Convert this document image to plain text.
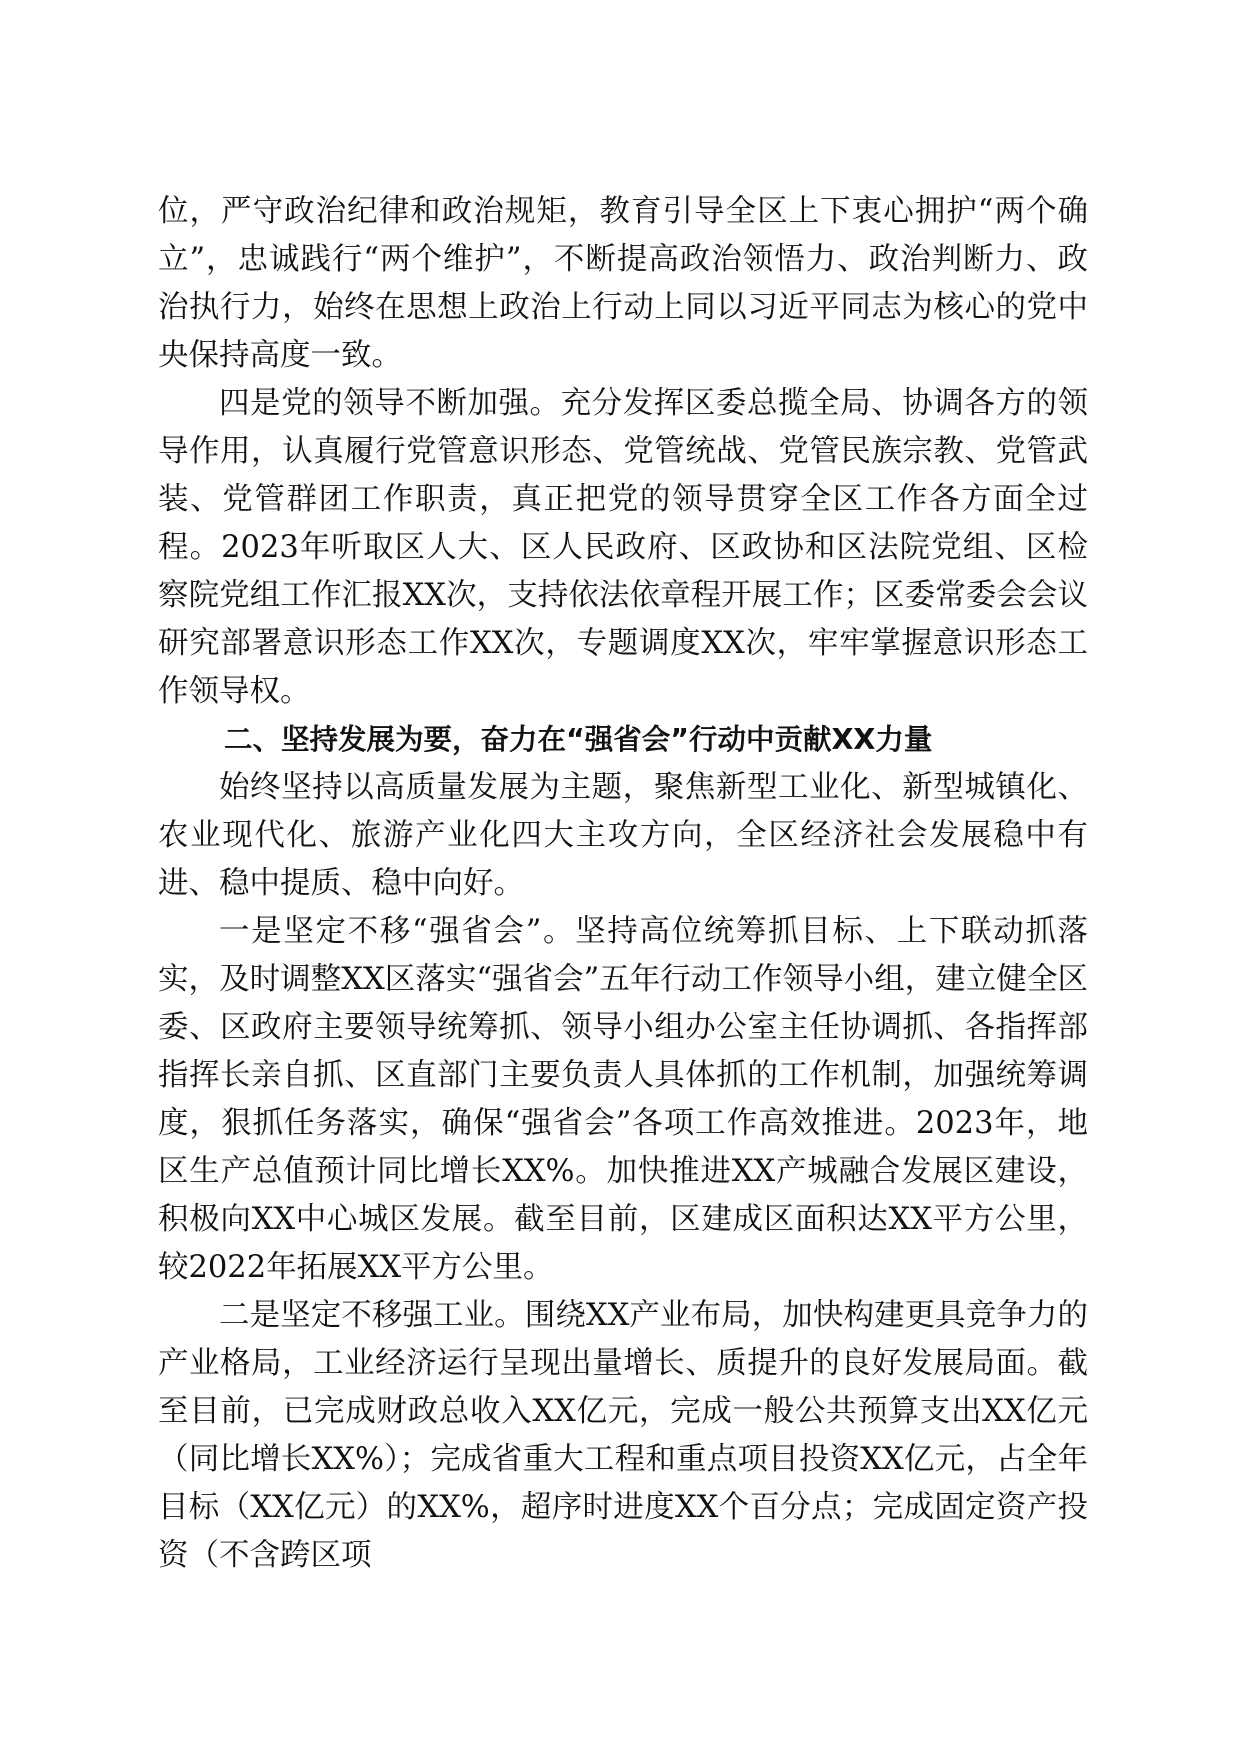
位，严守政治纪律和政治规矩，教育引导全区上下衷心拥护“两个确立”，忠诚践行“两个维护”，不断提高政治领悟力、政治判断力、政治执行力，始终在思想上政治上行动上同以习近平同志为核心的党中央保持高度一致。

四是党的领导不断加强。充分发挥区委总揽全局、协调各方的领导作用，认真履行党管意识形态、党管统战、党管民族宗教、党管武装、党管群团工作职责，真正把党的领导贯穿全区工作各方面全过程。2023年听取区人大、区人民政府、区政协和区法院党组、区检察院党组工作汇报XX次，支持依法依章程开展工作；区委常委会会议研究部署意识形态工作XX次，专题调度XX次，牢牢掌握意识形态工作领导权。

二、坚持发展为要，奋力在“强省会”行动中贡献XX力量

始终坚持以高质量发展为主题，聚焦新型工业化、新型城镇化、农业现代化、旅游产业化四大主攻方向，全区经济社会发展稳中有进、稳中提质、稳中向好。

一是坚定不移“强省会”。坚持高位统筹抓目标、上下联动抓落实，及时调整XX区落实“强省会”五年行动工作领导小组，建立健全区委、区政府主要领导统筹抓、领导小组办公室主任协调抓、各指挥部指挥长亲自抓、区直部门主要负责人具体抓的工作机制，加强统筹调度，狠抓任务落实，确保“强省会”各项工作高效推进。2023年，地区生产总值预计同比增长XX%。加快推进XX产城融合发展区建设，积极向XX中心城区发展。截至目前，区建成区面积达XX平方公里，较2022年拓展XX平方公里。

二是坚定不移强工业。围绕XX产业布局，加快构建更具竞争力的产业格局，工业经济运行呈现出量增长、质提升的良好发展局面。截至目前，已完成财政总收入XX亿元，完成一般公共预算支出XX亿元（同比增长XX%）；完成省重大工程和重点项目投资XX亿元，占全年目标（XX亿元）的XX%，超序时进度XX个百分点；完成固定资产投资（不含跨区项
